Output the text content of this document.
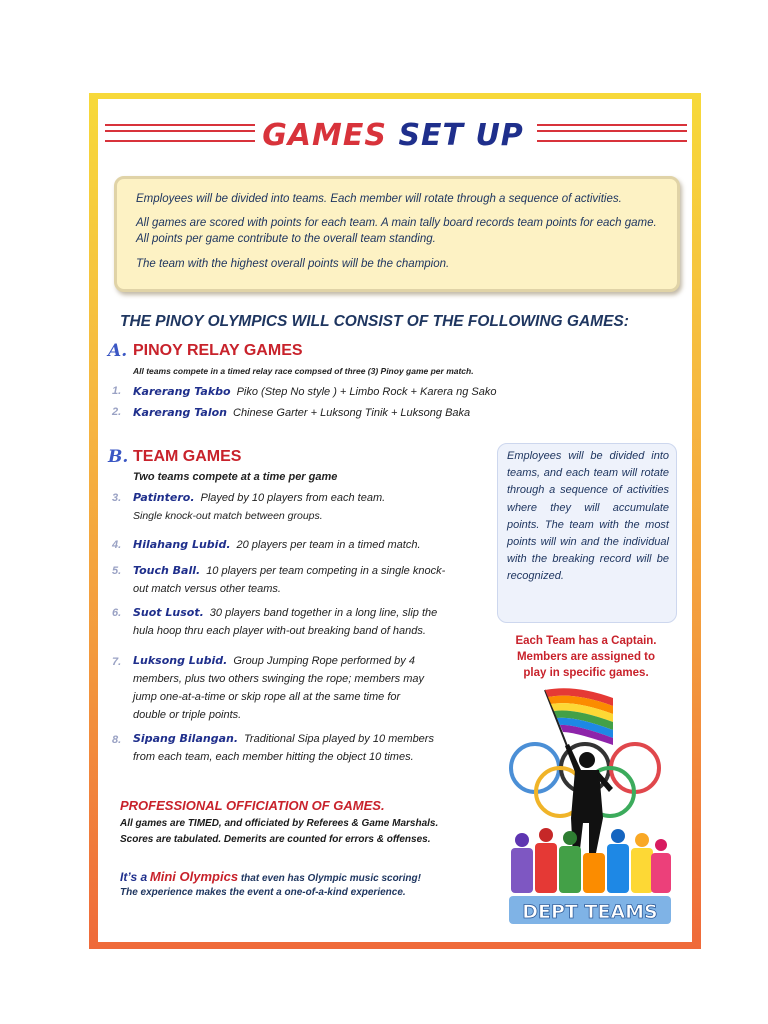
GAMES SET UP

Employees will be divided into teams. Each member will rotate through a sequence of activities.

All games are scored with points for each team. A main tally board records team points for each game. All points per game contribute to the overall team standing.

The team with the highest overall points will be the champion.

THE PINOY OLYMPICS WILL CONSIST OF THE FOLLOWING GAMES:
A. PINOY RELAY GAMES
All teams compete in a timed relay race compsed of three (3) Pinoy game per match.
1. Karerang Takbo Piko (Step No style ) + Limbo Rock + Karera ng Sako
2. Karerang Talon Chinese Garter + Luksong Tinik + Luksong Baka
B. TEAM GAMES
Two teams compete at a time per game
3. Patintero. Played by 10 players from each team.
Single knock-out match between groups.
4. Hilahang Lubid. 20 players per team in a timed match.
5. Touch Ball. 10 players per team competing in a single knock-
out match versus other teams.
6. Suot Lusot. 30 players band together in a long line, slip the
hula hoop thru each player with-out breaking band of hands.
7. Luksong Lubid. Group Jumping Rope performed by 4
members, plus two others swinging the rope; members may
jump one-at-a-time or skip rope all at the same time for
double or triple points.
8. Sipang Bilangan. Traditional Sipa played by 10 members
from each team, each member hitting the object 10 times.

Employees will be divided into teams, and each team will rotate through a sequence of activities where they will accumulate points. The team with the most points will win and the individual with the breaking record will be recognized.

Each Team has a Captain.
Members are assigned to
play in specific games.
DEPT TEAMS
PROFESSIONAL OFFICIATION OF GAMES.
All games are TIMED, and officiated by Referees & Game Marshals.
Scores are tabulated. Demerits are counted for errors & offenses.
It’s a Mini Olympics that even has Olympic music scoring!
The experience makes the event a one-of-a-kind experience.
